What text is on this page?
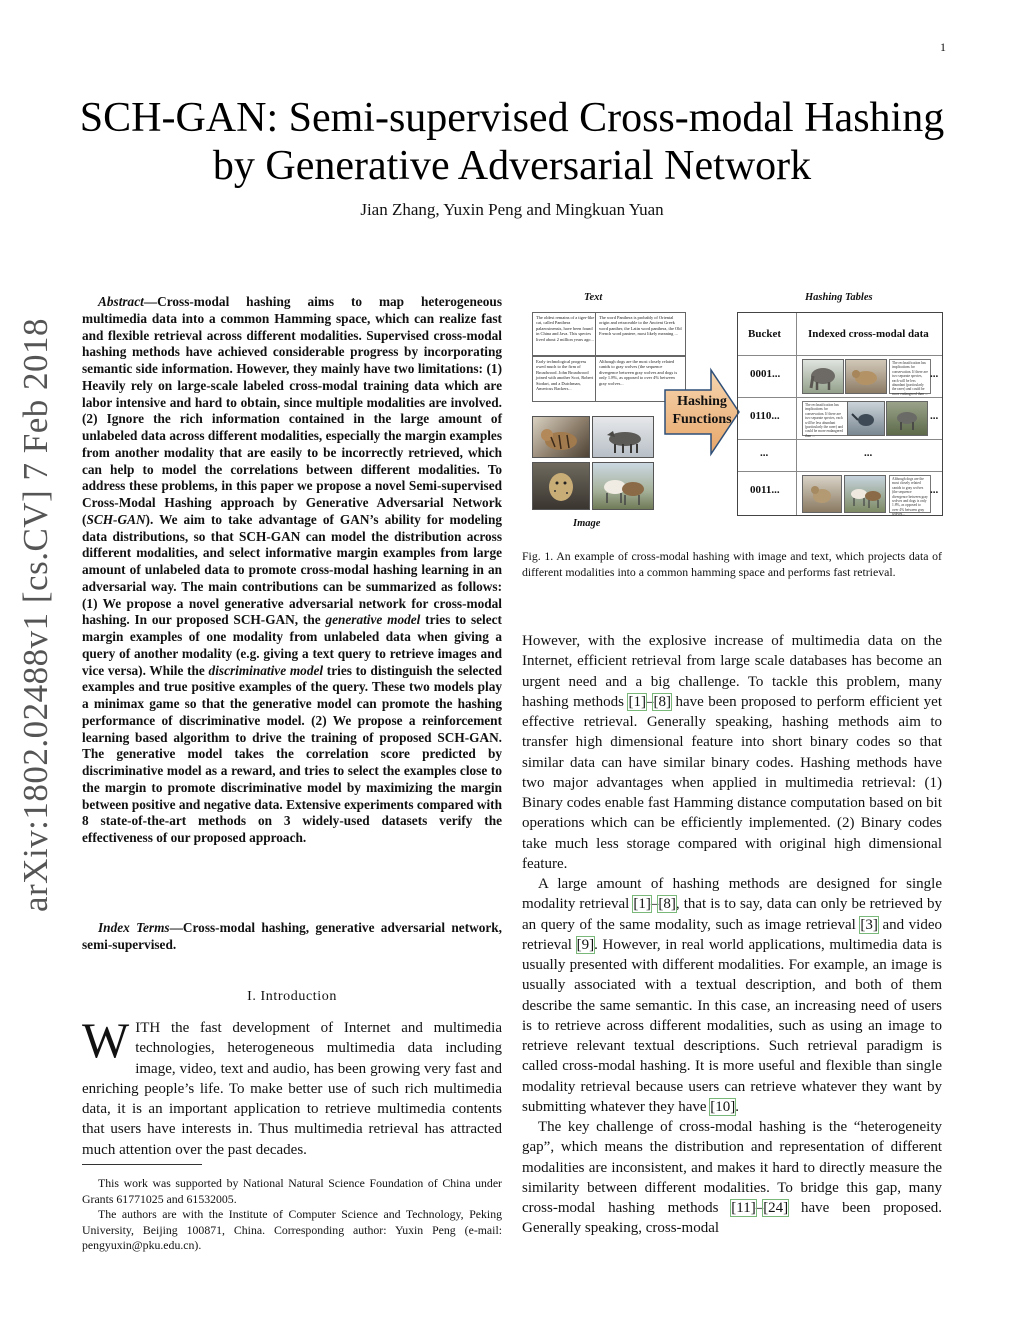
1
arXiv:1802.02488v1 [cs.CV] 7 Feb 2018
SCH-GAN: Semi-supervised Cross-modal Hashing
by Generative Adversarial Network
Jian Zhang, Yuxin Peng and Mingkuan Yuan
Abstract—Cross-modal hashing aims to map heterogeneous multimedia data into a common Hamming space, which can realize fast and flexible retrieval across different modalities. Supervised cross-modal hashing methods have achieved considerable progress by incorporating semantic side information. However, they mainly have two limitations: (1) Heavily rely on large-scale labeled cross-modal training data which are labor intensive and hard to obtain, since multiple modalities are involved. (2) Ignore the rich information contained in the large amount of unlabeled data across different modalities, especially the margin examples from another modality that are easily to be incorrectly retrieved, which can help to model the correlations between different modalities. To address these problems, in this paper we propose a novel Semi-supervised Cross-Modal Hashing approach by Generative Adversarial Network (SCH-GAN). We aim to take advantage of GAN’s ability for modeling data distributions, so that SCH-GAN can model the distribution across different modalities, and select informative margin examples from large amount of unlabeled data to promote cross-modal hashing learning in an adversarial way. The main contributions can be summarized as follows: (1) We propose a novel generative adversarial network for cross-modal hashing. In our proposed SCH-GAN, the generative model tries to select margin examples of one modality from unlabeled data when giving a query of another modality (e.g. giving a text query to retrieve images and vice versa). While the discriminative model tries to distinguish the selected examples and true positive examples of the query. These two models play a minimax game so that the generative model can promote the hashing performance of discriminative model. (2) We propose a reinforcement learning based algorithm to drive the training of proposed SCH-GAN. The generative model takes the correlation score predicted by discriminative model as a reward, and tries to select the examples close to the margin to promote discriminative model by maximizing the margin between positive and negative data. Extensive experiments compared with 8 state-of-the-art methods on 3 widely-used datasets verify the effectiveness of our proposed approach.
Index Terms—Cross-modal hashing, generative adversarial network, semi-supervised.
I. Introduction
WITH the fast development of Internet and multimedia technologies, heterogeneous multimedia data including image, video, text and audio, has been growing very fast and enriching people’s life. To make better use of such rich multimedia data, it is an important application to retrieve multimedia contents that users have interests in. Thus multimedia retrieval has attracted much attention over the past decades.
This work was supported by National Natural Science Foundation of China under Grants 61771025 and 61532005.
The authors are with the Institute of Computer Science and Technology, Peking University, Beijing 100871, China. Corresponding author: Yuxin Peng (e-mail: pengyuxin@pku.edu.cn).
Text	Hashing Tables
The oldest remains of a tiger-like cat, called Panthera palaeosinensis, have been found in China and Java. This species lived about 2 million years ago...
The word Panthera is probably of Oriental origin and retraceable to the Ancient Greek word panther, the Latin word panthera, the Old French word pantere, most likely meaning ...
Early technological progress owed much to the firm of Broadwood. John Broadwood joined with another Scot, Robert Stodart, and a Dutchman, Americus Backers...
Although dogs are the most closely related canids to gray wolves (the sequence divergence between gray wolves and dogs is only 1.8%, as opposed to over 4% between gray wolves...
Image
Hashing
Functions
Bucket Indexed cross-modal data
0001...
The reclassification has implications for conservation. If there are two separate species, each will be less abundant (particularly the rarer) and could be more endangered than ...
...
0110...
The reclassification has implications for conservation. If there are two separate species, each will be less abundant (particularly the rarer) and could be more endangered than ...
...
...	...
0011...
Although dogs are the most closely related canids to gray wolves (the sequence divergence between gray wolves and dogs is only 1.8%, as opposed to over 4% between gray wolves...
...
Fig. 1. An example of cross-modal hashing with image and text, which projects data of different modalities into a common hamming space and performs fast retrieval.

However, with the explosive increase of multimedia data on the Internet, efficient retrieval from large scale databases has become an urgent need and a big challenge. To tackle this problem, many hashing methods [1]–[8] have been proposed to perform efficient yet effective retrieval. Generally speaking, hashing methods aim to transfer high dimensional feature into short binary codes so that similar data can have similar binary codes. Hashing methods have two major advantages when applied in multimedia retrieval: (1) Binary codes enable fast Hamming distance computation based on bit operations which can be efficiently implemented. (2) Binary codes take much less storage compared with original high dimensional feature.

A large amount of hashing methods are designed for single modality retrieval [1]–[8], that is to say, data can only be retrieved by an query of the same modality, such as image retrieval [3] and video retrieval [9]. However, in real world applications, multimedia data is usually presented with different modalities. For example, an image is usually associated with a textual description, and both of them describe the same semantic. In this case, an increasing need of users is to retrieve across different modalities, such as using an image to retrieve relevant textual descriptions. Such retrieval paradigm is called cross-modal hashing. It is more useful and flexible than single modality retrieval because users can retrieve whatever they want by submitting whatever they have [10].

The key challenge of cross-modal hashing is the “heterogeneity gap”, which means the distribution and representation of different modalities are inconsistent, and makes it hard to directly measure the similarity between different modalities. To bridge this gap, many cross-modal hashing methods [11]–[24] have been proposed. Generally speaking, cross-modal
